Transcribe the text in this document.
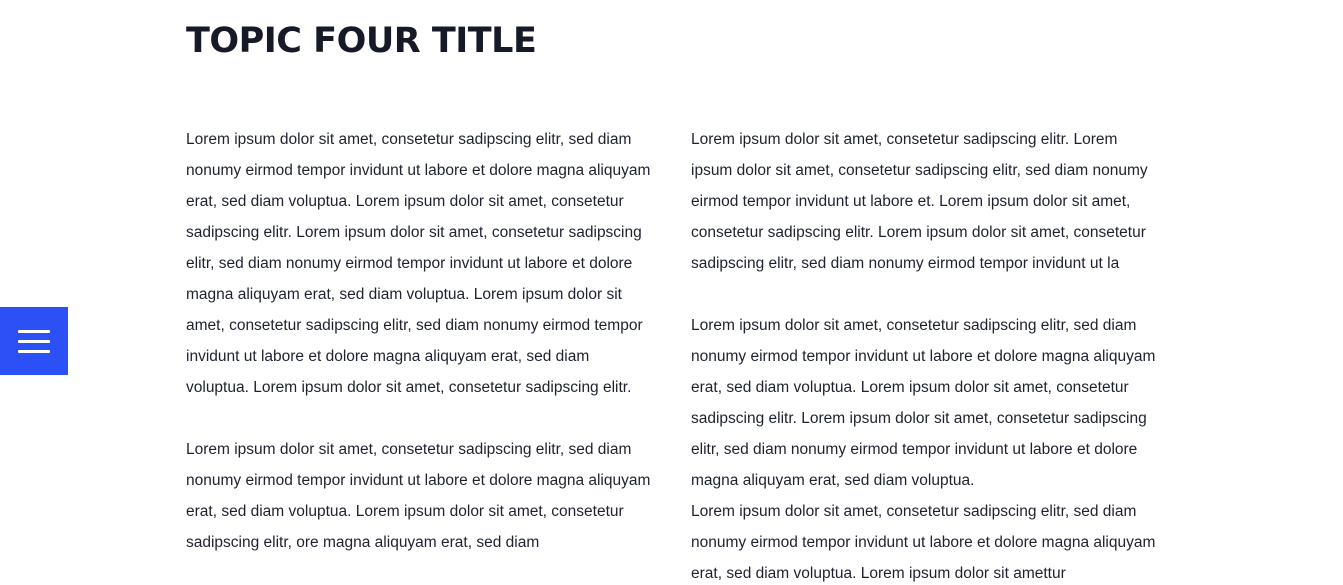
TOPIC FOUR TITLE

Lorem ipsum dolor sit amet, consetetur sadipscing elitr, sed diam nonumy eirmod tempor invidunt ut labore et dolore magna aliquyam erat, sed diam voluptua. Lorem ipsum dolor sit amet, consetetur sadipscing elitr. Lorem ipsum dolor sit amet, consetetur sadipscing elitr, sed diam nonumy eirmod tempor invidunt ut labore et dolore magna aliquyam erat, sed diam voluptua. Lorem ipsum dolor sit amet, consetetur sadipscing elitr, sed diam nonumy eirmod tempor invidunt ut labore et dolore magna aliquyam erat, sed diam voluptua. Lorem ipsum dolor sit amet, consetetur sadipscing elitr.

Lorem ipsum dolor sit amet, consetetur sadipscing elitr, sed diam nonumy eirmod tempor invidunt ut labore et dolore magna aliquyam erat, sed diam voluptua. Lorem ipsum dolor sit amet, consetetur sadipscing elitr, ore magna aliquyam erat, sed diam

Lorem ipsum dolor sit amet, consetetur sadipscing elitr. Lorem ipsum dolor sit amet, consetetur sadipscing elitr, sed diam nonumy eirmod tempor invidunt ut labore et. Lorem ipsum dolor sit amet, consetetur sadipscing elitr. Lorem ipsum dolor sit amet, consetetur sadipscing elitr, sed diam nonumy eirmod tempor invidunt ut la

Lorem ipsum dolor sit amet, consetetur sadipscing elitr, sed diam nonumy eirmod tempor invidunt ut labore et dolore magna aliquyam erat, sed diam voluptua. Lorem ipsum dolor sit amet, consetetur sadipscing elitr. Lorem ipsum dolor sit amet, consetetur sadipscing elitr, sed diam nonumy eirmod tempor invidunt ut labore et dolore magna aliquyam erat, sed diam voluptua.

Lorem ipsum dolor sit amet, consetetur sadipscing elitr, sed diam nonumy eirmod tempor invidunt ut labore et dolore magna aliquyam erat, sed diam voluptua. Lorem ipsum dolor sit amettur
